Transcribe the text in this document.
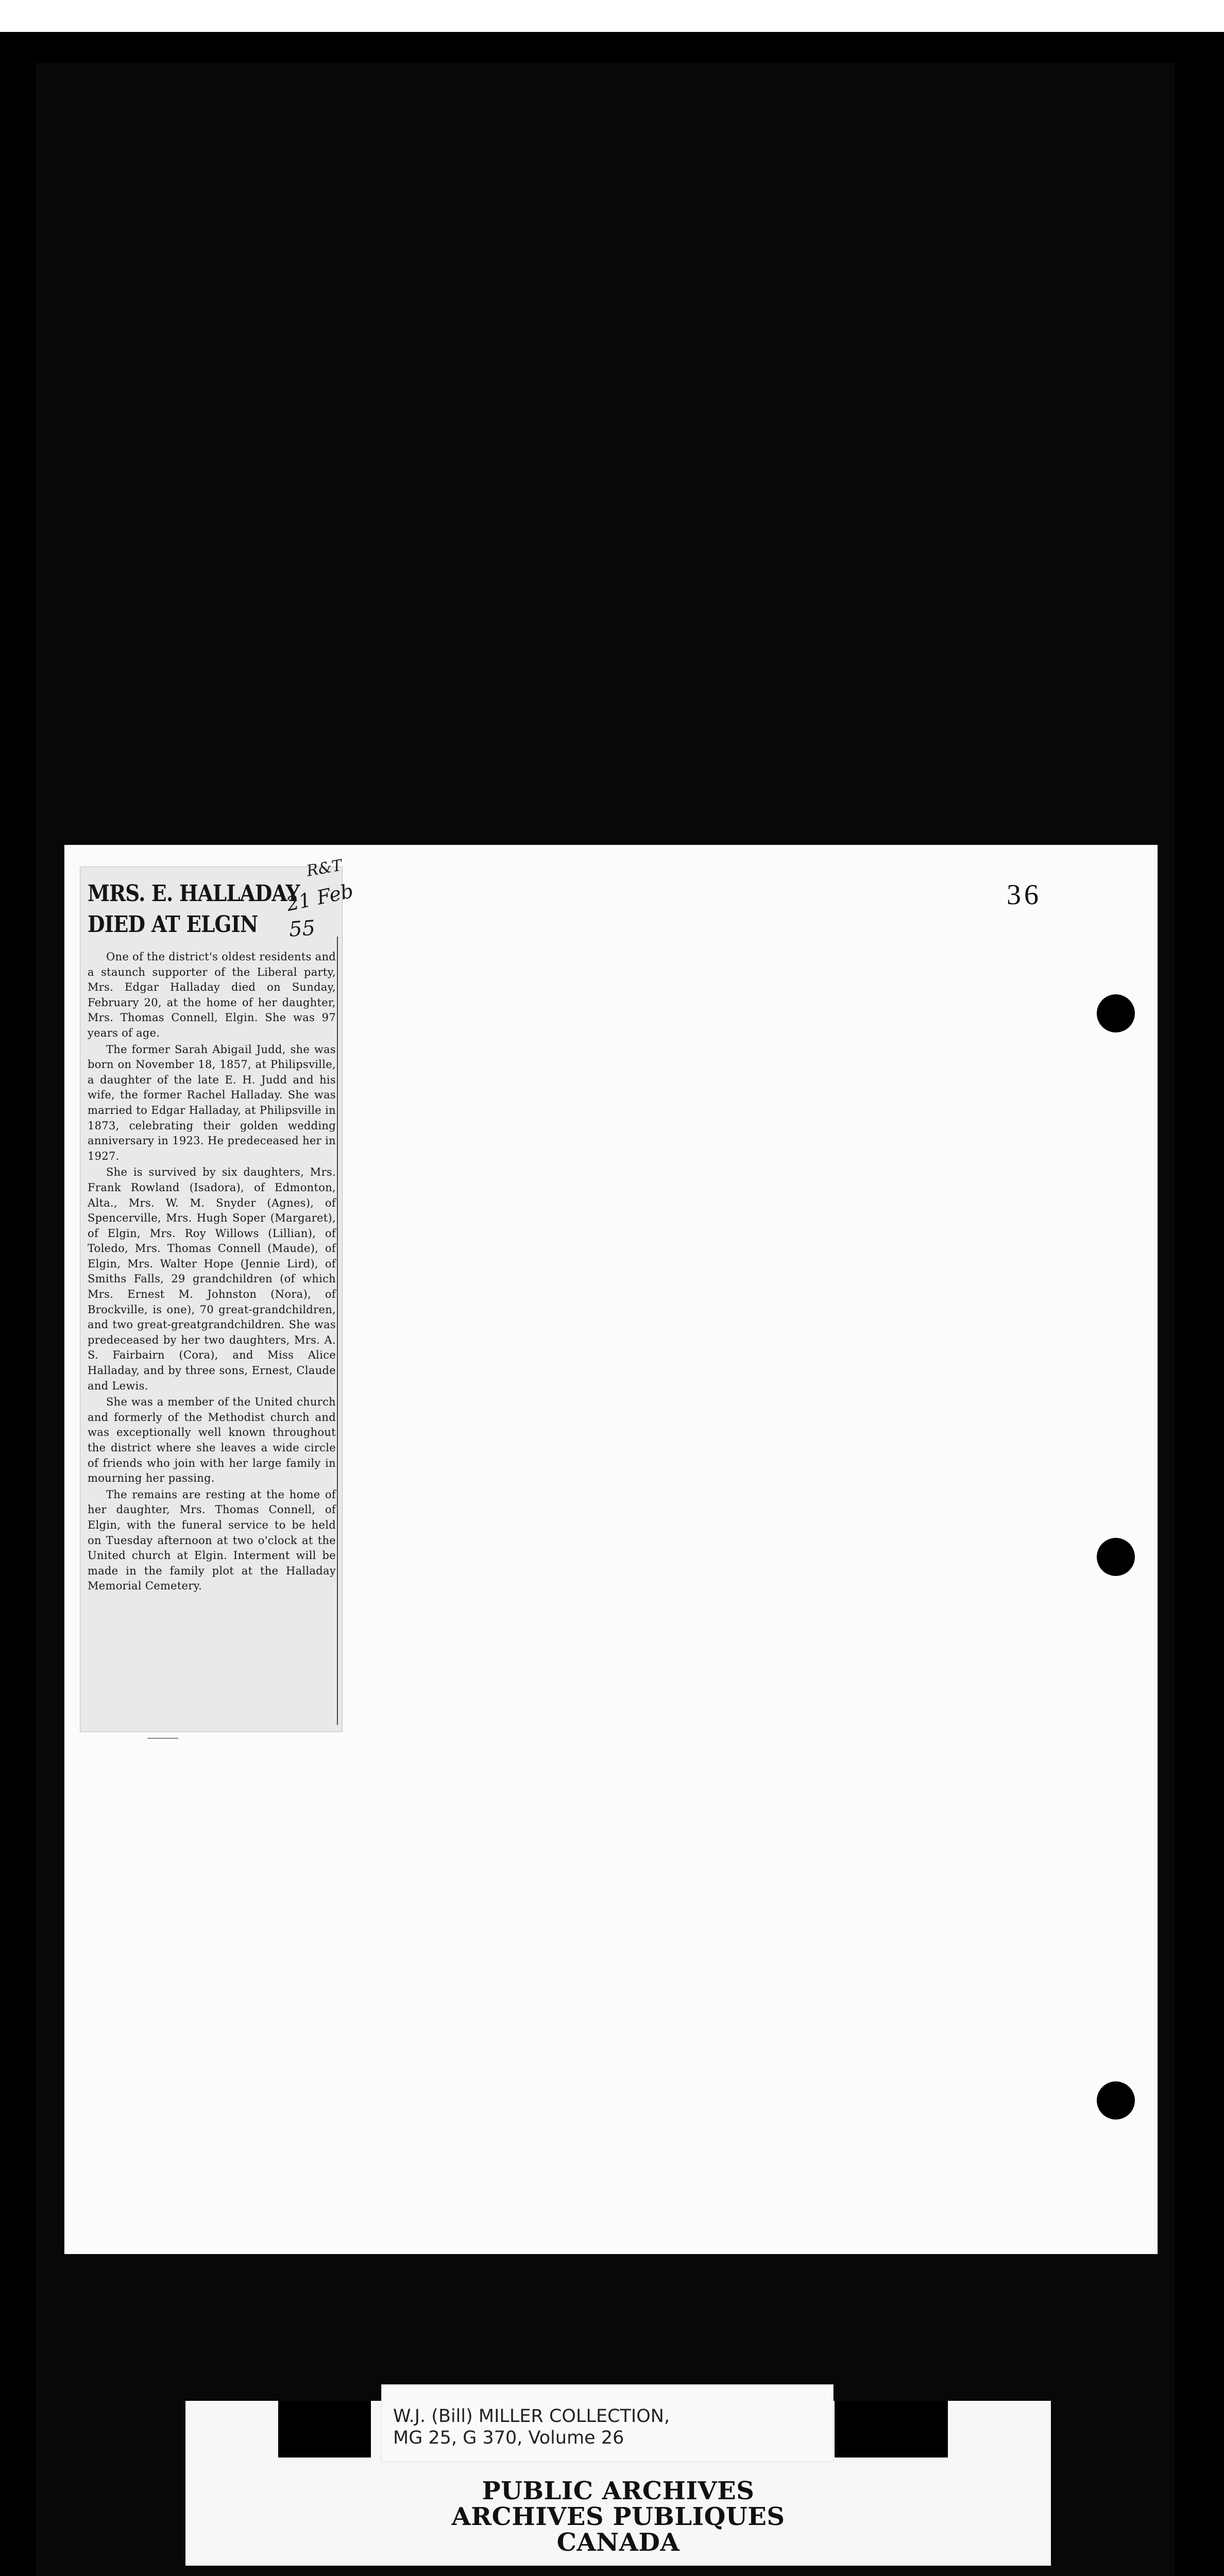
36
MRS. E. HALLADAY
DIED AT ELGIN

One of the district's oldest residents and a staunch supporter of the Liberal party, Mrs. Edgar Halladay died on Sunday, February 20, at the home of her daughter, Mrs. Thomas Connell, Elgin. She was 97 years of age.

The former Sarah Abigail Judd, she was born on November 18, 1857, at Philipsville, a daughter of the late E. H. Judd and his wife, the former Rachel Halladay. She was married to Edgar Halladay, at Philipsville in 1873, celebrating their golden wedding anniversary in 1923. He predeceased her in 1927.

She is survived by six daughters, Mrs. Frank Rowland (Isadora), of Edmonton, Alta., Mrs. W. M. Snyder (Agnes), of Spencerville, Mrs. Hugh Soper (Margaret), of Elgin, Mrs. Roy Willows (Lillian), of Toledo, Mrs. Thomas Connell (Maude), of Elgin, Mrs. Walter Hope (Jennie Lird), of Smiths Falls, 29 grandchildren (of which Mrs. Ernest M. Johnston (Nora), of Brockville, is one), 70 great-grandchildren, and two great-greatgrandchildren. She was predeceased by her two daughters, Mrs. A. S. Fairbairn (Cora), and Miss Alice Halladay, and by three sons, Ernest, Claude and Lewis.

She was a member of the United church and formerly of the Methodist church and was exceptionally well known throughout the district where she leaves a wide circle of friends who join with her large family in mourning her passing.

The remains are resting at the home of her daughter, Mrs. Thomas Connell, of Elgin, with the funeral service to be held on Tuesday afternoon at two o'clock at the United church at Elgin. Interment will be made in the family plot at the Halladay Memorial Cemetery.

R&T
21 Feb
55
W.J. (Bill) MILLER COLLECTION,
MG 25, G 370, Volume 26
PUBLIC ARCHIVES
ARCHIVES PUBLIQUES
CANADA
